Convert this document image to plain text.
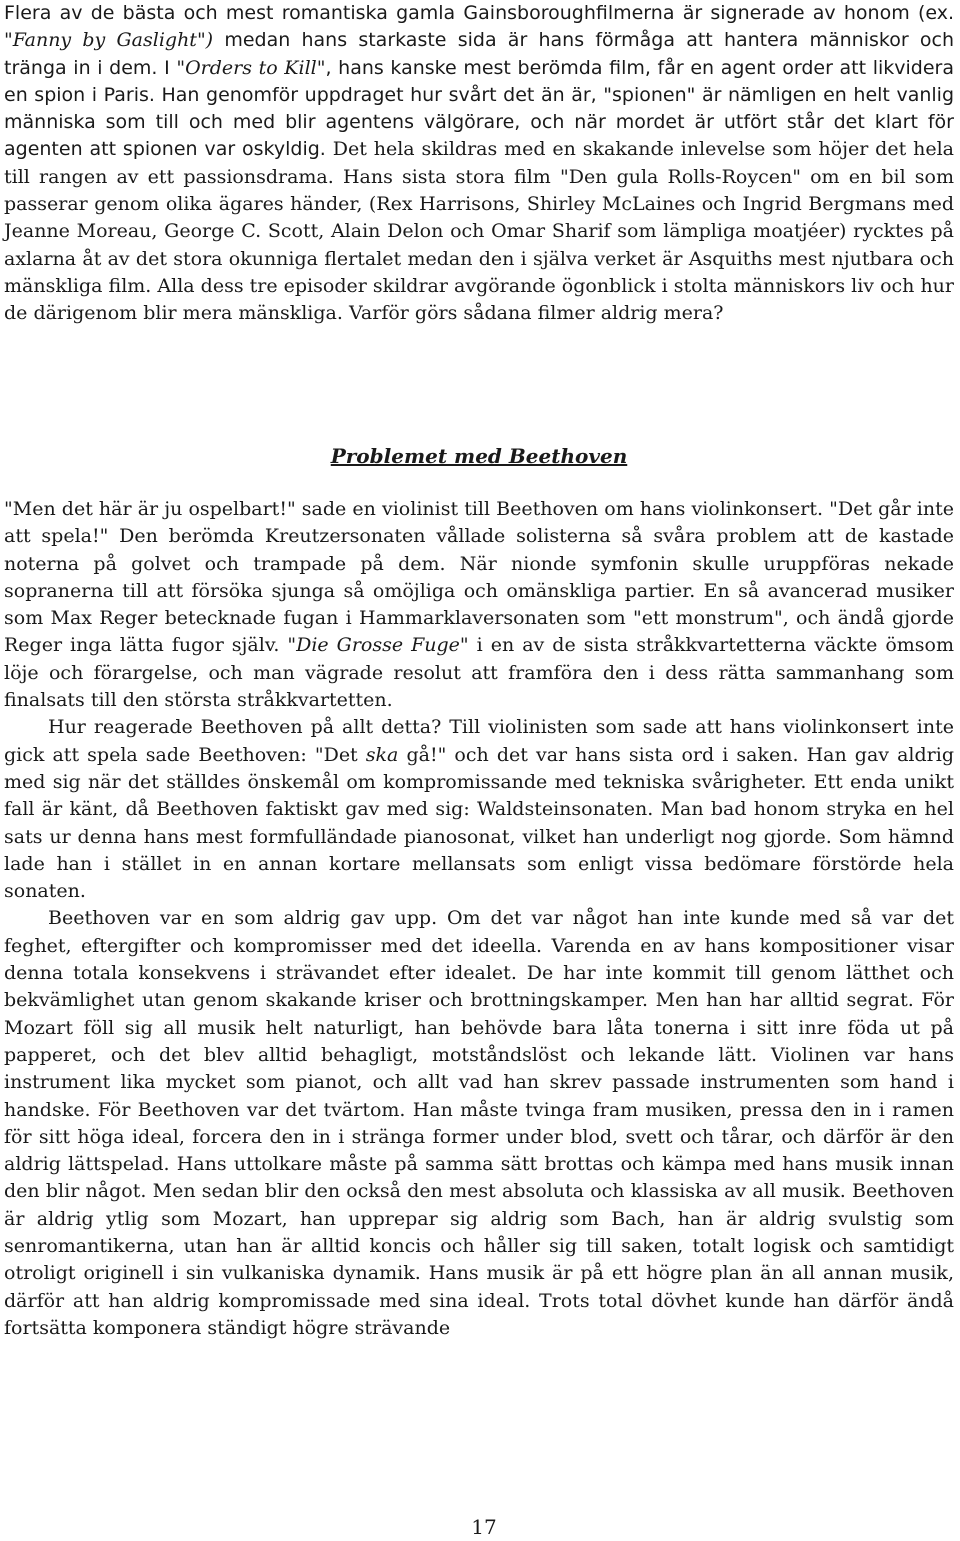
Flera av de bästa och mest romantiska gamla Gainsboroughfilmerna är signerade av honom (ex. "Fanny by Gaslight") medan hans starkaste sida är hans förmåga att hantera människor och tränga in i dem. I "Orders to Kill", hans kanske mest berömda film, får en agent order att likvidera en spion i Paris. Han genomför uppdraget hur svårt det än är, "spionen" är nämligen en helt vanlig människa som till och med blir agentens välgörare, och när mordet är utfört står det klart för agenten att spionen var oskyldig. Det hela skildras med en skakande inlevelse som höjer det hela till rangen av ett passionsdrama. Hans sista stora film "Den gula Rolls-Roycen" om en bil som passerar genom olika ägares händer, (Rex Harrisons, Shirley McLaines och Ingrid Bergmans med Jeanne Moreau, George C. Scott, Alain Delon och Omar Sharif som lämpliga moatjéer) rycktes på axlarna åt av det stora okunniga flertalet medan den i själva verket är Asquiths mest njutbara och mänskliga film. Alla dess tre episoder skildrar avgörande ögonblick i stolta människors liv och hur de därigenom blir mera mänskliga. Varför görs sådana filmer aldrig mera?

Problemet med Beethoven

"Men det här är ju ospelbart!" sade en violinist till Beethoven om hans violinkonsert. "Det går inte att spela!" Den berömda Kreutzersonaten vållade solisterna så svåra problem att de kastade noterna på golvet och trampade på dem. När nionde symfonin skulle uruppföras nekade sopranerna till att försöka sjunga så omöjliga och omänskliga partier. En så avancerad musiker som Max Reger betecknade fugan i Hammarklaversonaten som "ett monstrum", och ändå gjorde Reger inga lätta fugor själv. "Die Grosse Fuge" i en av de sista stråkkvartetterna väckte ömsom löje och förargelse, och man vägrade resolut att framföra den i dess rätta sammanhang som finalsats till den största stråkkvartetten.

Hur reagerade Beethoven på allt detta? Till violinisten som sade att hans violinkonsert inte gick att spela sade Beethoven: "Det ska gå!" och det var hans sista ord i saken. Han gav aldrig med sig när det ställdes önskemål om kompromissande med tekniska svårigheter. Ett enda unikt fall är känt, då Beethoven faktiskt gav med sig: Waldsteinsonaten. Man bad honom stryka en hel sats ur denna hans mest formfulländade pianosonat, vilket han underligt nog gjorde. Som hämnd lade han i stället in en annan kortare mellansats som enligt vissa bedömare förstörde hela sonaten.

Beethoven var en som aldrig gav upp. Om det var något han inte kunde med så var det feghet, eftergifter och kompromisser med det ideella. Varenda en av hans kompositioner visar denna totala konsekvens i strävandet efter idealet. De har inte kommit till genom lätthet och bekvämlighet utan genom skakande kriser och brottningskamper. Men han har alltid segrat. För Mozart föll sig all musik helt naturligt, han behövde bara låta tonerna i sitt inre föda ut på papperet, och det blev alltid behagligt, motståndslöst och lekande lätt. Violinen var hans instrument lika mycket som pianot, och allt vad han skrev passade instrumenten som hand i handske. För Beethoven var det tvärtom. Han måste tvinga fram musiken, pressa den in i ramen för sitt höga ideal, forcera den in i stränga former under blod, svett och tårar, och därför är den aldrig lättspelad. Hans uttolkare måste på samma sätt brottas och kämpa med hans musik innan den blir något. Men sedan blir den också den mest absoluta och klassiska av all musik. Beethoven är aldrig ytlig som Mozart, han upprepar sig aldrig som Bach, han är aldrig svulstig som senromantikerna, utan han är alltid koncis och håller sig till saken, totalt logisk och samtidigt otroligt originell i sin vulkaniska dynamik. Hans musik är på ett högre plan än all annan musik, därför att han aldrig kompromissade med sina ideal. Trots total dövhet kunde han därför ändå fortsätta komponera ständigt högre strävande

17
